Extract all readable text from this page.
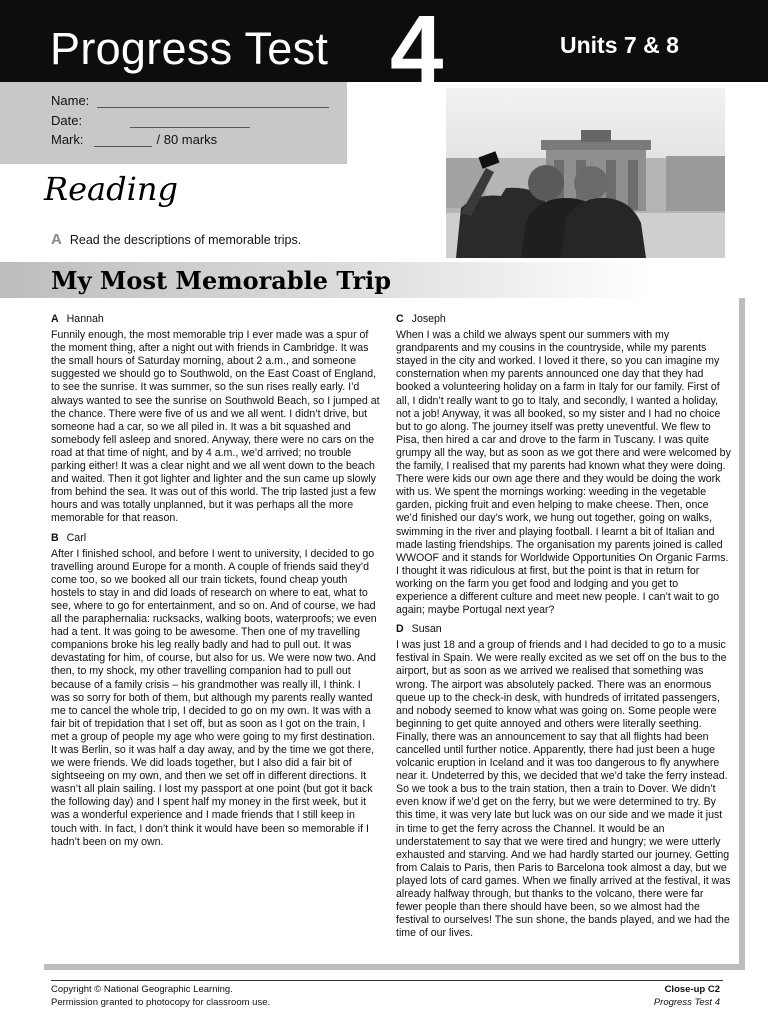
Progress Test 4	Units 7 & 8
Name:
Date:
Mark:	/ 80 marks
Reading
A Read the descriptions of memorable trips.
My Most Memorable Trip
A Hannah

Funnily enough, the most memorable trip I ever made was a spur of the moment thing, after a night out with friends in Cambridge. It was the small hours of Saturday morning, about 2 a.m., and someone suggested we should go to Southwold, on the East Coast of England, to see the sunrise. It was summer, so the sun rises really early. I’d always wanted to see the sunrise on Southwold Beach, so I jumped at the chance. There were five of us and we all went. I didn’t drive, but someone had a car, so we all piled in. It was a bit squashed and somebody fell asleep and snored. Anyway, there were no cars on the road at that time of night, and by 4 a.m., we’d arrived; no trouble parking either! It was a clear night and we all went down to the beach and waited. Then it got lighter and lighter and the sun came up slowly from behind the sea. It was out of this world. The trip lasted just a few hours and was totally unplanned, but it was perhaps all the more memorable for that reason.

B Carl

After I finished school, and before I went to university, I decided to go travelling around Europe for a month. A couple of friends said they’d come too, so we booked all our train tickets, found cheap youth hostels to stay in and did loads of research on where to eat, what to see, where to go for entertainment, and so on. And of course, we had all the paraphernalia: rucksacks, walking boots, waterproofs; we even had a tent. It was going to be awesome. Then one of my travelling companions broke his leg really badly and had to pull out. It was devastating for him, of course, but also for us. We were now two. And then, to my shock, my other travelling companion had to pull out because of a family crisis – his grandmother was really ill, I think. I was so sorry for both of them, but although my parents really wanted me to cancel the whole trip, I decided to go on my own. It was with a fair bit of trepidation that I set off, but as soon as I got on the train, I met a group of people my age who were going to my first destination. It was Berlin, so it was half a day away, and by the time we got there, we were friends. We did loads together, but I also did a fair bit of sightseeing on my own, and then we set off in different directions. It wasn’t all plain sailing. I lost my passport at one point (but got it back the following day) and I spent half my money in the first week, but it was a wonderful experience and I made friends that I still keep in touch with. In fact, I don’t think it would have been so memorable if I hadn’t been on my own.

C Joseph

When I was a child we always spent our summers with my grandparents and my cousins in the countryside, while my parents stayed in the city and worked. I loved it there, so you can imagine my consternation when my parents announced one day that they had booked a volunteering holiday on a farm in Italy for our family. First of all, I didn’t really want to go to Italy, and secondly, I wanted a holiday, not a job! Anyway, it was all booked, so my sister and I had no choice but to go along. The journey itself was pretty uneventful. We flew to Pisa, then hired a car and drove to the farm in Tuscany. I was quite grumpy all the way, but as soon as we got there and were welcomed by the family, I realised that my parents had known what they were doing. There were kids our own age there and they would be doing the work with us. We spent the mornings working: weeding in the vegetable garden, picking fruit and even helping to make cheese. Then, once we’d finished our day’s work, we hung out together, going on walks, swimming in the river and playing football. I learnt a bit of Italian and made lasting friendships. The organisation my parents joined is called WWOOF and it stands for Worldwide Opportunities On Organic Farms. I thought it was ridiculous at first, but the point is that in return for working on the farm you get food and lodging and you get to experience a different culture and meet new people. I can’t wait to go again; maybe Portugal next year?

D Susan

I was just 18 and a group of friends and I had decided to go to a music festival in Spain. We were really excited as we set off on the bus to the airport, but as soon as we arrived we realised that something was wrong. The airport was absolutely packed. There was an enormous queue up to the check-in desk, with hundreds of irritated passengers, and nobody seemed to know what was going on. Some people were beginning to get quite annoyed and others were literally seething. Finally, there was an announcement to say that all flights had been cancelled until further notice. Apparently, there had just been a huge volcanic eruption in Iceland and it was too dangerous to fly anywhere near it. Undeterred by this, we decided that we’d take the ferry instead. So we took a bus to the train station, then a train to Dover. We didn’t even know if we’d get on the ferry, but we were determined to try. By this time, it was very late but luck was on our side and we made it just in time to get the ferry across the Channel. It would be an understatement to say that we were tired and hungry; we were utterly exhausted and starving. And we had hardly started our journey. Getting from Calais to Paris, then Paris to Barcelona took almost a day, but we played lots of card games. When we finally arrived at the festival, it was already halfway through, but thanks to the volcano, there were far fewer people than there should have been, so we almost had the festival to ourselves! The sun shone, the bands played, and we had the time of our lives.

Copyright © National Geographic Learning.
Permission granted to photocopy for classroom use.
Close-up C2
Progress Test 4
